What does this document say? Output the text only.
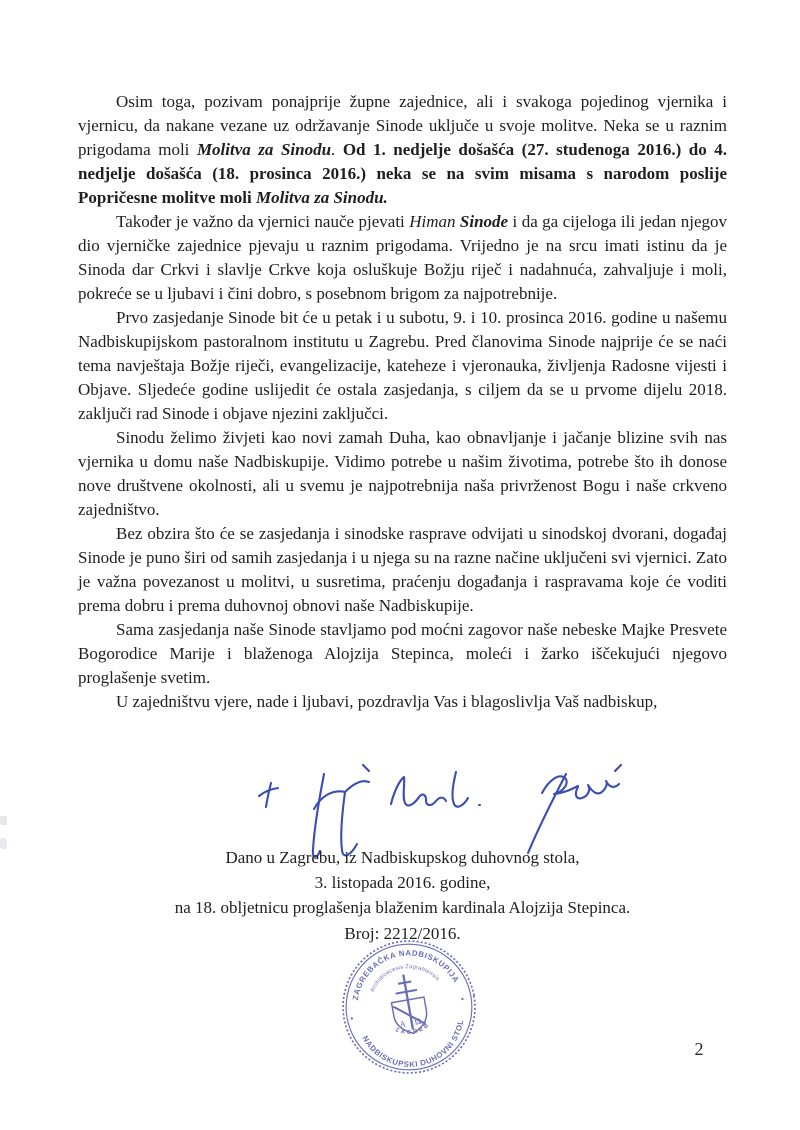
Osim toga, pozivam ponajprije župne zajednice, ali i svakoga pojedinog vjernika i vjernicu, da nakane vezane uz održavanje Sinode uključe u svoje molitve. Neka se u raznim prigodama moli Molitva za Sinodu. Od 1. nedjelje došašća (27. studenoga 2016.) do 4. nedjelje došašća (18. prosinca 2016.) neka se na svim misama s narodom poslije Popričesne molitve moli Molitva za Sinodu.

Također je važno da vjernici nauče pjevati Himan Sinode i da ga cijeloga ili jedan njegov dio vjerničke zajednice pjevaju u raznim prigodama. Vrijedno je na srcu imati istinu da je Sinoda dar Crkvi i slavlje Crkve koja osluškuje Božju riječ i nadahnuća, zahvaljuje i moli, pokreće se u ljubavi i čini dobro, s posebnom brigom za najpotrebnije.

Prvo zasjedanje Sinode bit će u petak i u subotu, 9. i 10. prosinca 2016. godine u našemu Nadbiskupijskom pastoralnom institutu u Zagrebu. Pred članovima Sinode najprije će se naći tema navještaja Božje riječi, evangelizacije, kateheze i vjeronauka, življenja Radosne vijesti i Objave. Sljedeće godine uslijedit će ostala zasjedanja, s ciljem da se u prvome dijelu 2018. zaključi rad Sinode i objave njezini zaključci.

Sinodu želimo živjeti kao novi zamah Duha, kao obnavljanje i jačanje blizine svih nas vjernika u domu naše Nadbiskupije. Vidimo potrebe u našim životima, potrebe što ih donose nove društvene okolnosti, ali u svemu je najpotrebnija naša privrženost Bogu i naše crkveno zajedništvo.

Bez obzira što će se zasjedanja i sinodske rasprave odvijati u sinodskoj dvorani, događaj Sinode je puno širi od samih zasjedanja i u njega su na razne načine uključeni svi vjernici. Zato je važna povezanost u molitvi, u susretima, praćenju događanja i raspravama koje će voditi prema dobru i prema duhovnoj obnovi naše Nadbiskupije.

Sama zasjedanja naše Sinode stavljamo pod moćni zagovor naše nebeske Majke Presvete Bogorodice Marije i blaženoga Alojzija Stepinca, moleći i žarko iščekujući njegovo proglašenje svetim.

U zajedništvu vjere, nade i ljubavi, pozdravlja Vas i blagoslivlja Vaš nadbiskup,

Dano u Zagrebu, iz Nadbiskupskog duhovnog stola,
3. listopada 2016. godine,
na 18. obljetnicu proglašenja blaženim kardinala Alojzija Stepinca.
Broj: 2212/2016.
ZAGREBAČKA NADBISKUPIJA
NADBISKUPSKI DUHOVNI STOL
Archidioecesis Zagrabiensis
ZAGREB
•
•
A Ω
2
